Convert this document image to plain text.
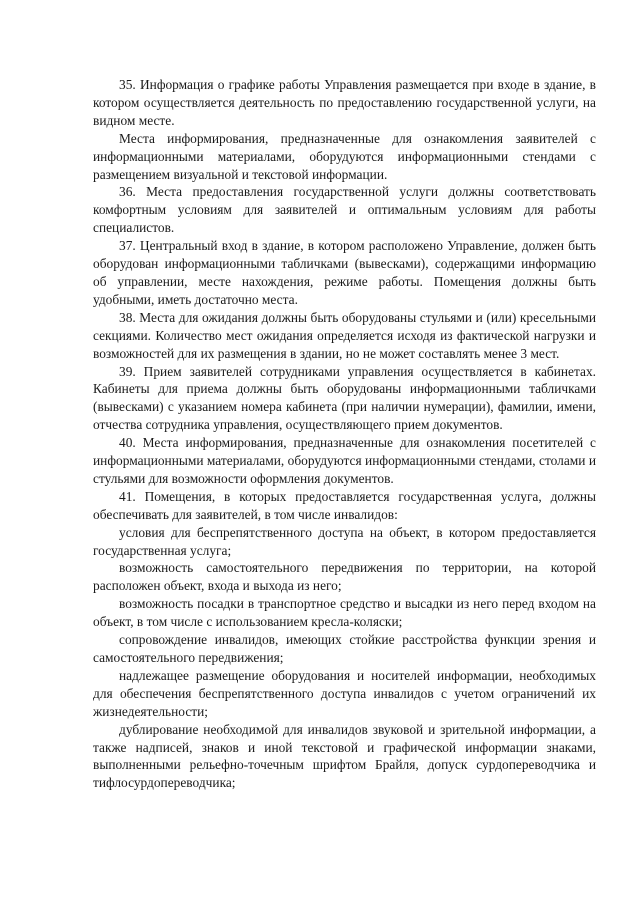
35. Информация о графике работы Управления размещается при входе в здание, в котором осуществляется деятельность по предоставлению государственной услуги, на видном месте.

Места информирования, предназначенные для ознакомления заявителей с информационными материалами, оборудуются информационными стендами с размещением визуальной и текстовой информации.

36. Места предоставления государственной услуги должны соответствовать комфортным условиям для заявителей и оптимальным условиям для работы специалистов.

37. Центральный вход в здание, в котором расположено Управление, должен быть оборудован информационными табличками (вывесками), содержащими информацию об управлении, месте нахождения, режиме работы. Помещения должны быть удобными, иметь достаточно места.

38. Места для ожидания должны быть оборудованы стульями и (или) кресельными секциями. Количество мест ожидания определяется исходя из фактической нагрузки и возможностей для их размещения в здании, но не может составлять менее 3 мест.

39. Прием заявителей сотрудниками управления осуществляется в кабинетах. Кабинеты для приема должны быть оборудованы информационными табличками (вывесками) с указанием номера кабинета (при наличии нумерации), фамилии, имени, отчества сотрудника управления, осуществляющего прием документов.

40. Места информирования, предназначенные для ознакомления посетителей с информационными материалами, оборудуются информационными стендами, столами и стульями для возможности оформления документов.

41. Помещения, в которых предоставляется государственная услуга, должны обеспечивать для заявителей, в том числе инвалидов:

условия для беспрепятственного доступа на объект, в котором предоставляется государственная услуга;

возможность самостоятельного передвижения по территории, на которой расположен объект, входа и выхода из него;

возможность посадки в транспортное средство и высадки из него перед входом на объект, в том числе с использованием кресла-коляски;

сопровождение инвалидов, имеющих стойкие расстройства функции зрения и самостоятельного передвижения;

надлежащее размещение оборудования и носителей информации, необходимых для обеспечения беспрепятственного доступа инвалидов с учетом ограничений их жизнедеятельности;

дублирование необходимой для инвалидов звуковой и зрительной информации, а также надписей, знаков и иной текстовой и графической информации знаками, выполненными рельефно-точечным шрифтом Брайля, допуск сурдопереводчика и тифлосурдопереводчика;
